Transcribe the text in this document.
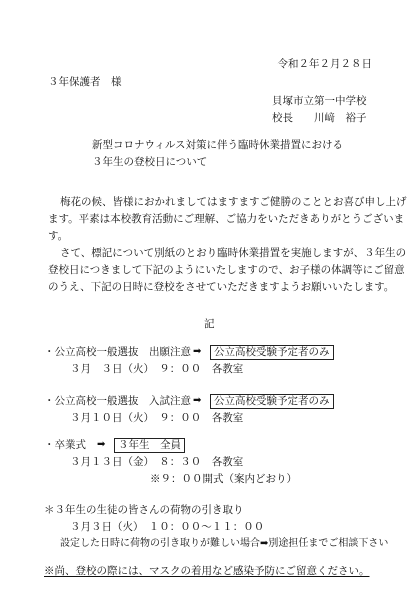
令和２年２月２８日
３年保護者　様
貝塚市立第一中学校
校長　　川﨑　裕子
新型コロナウィルス対策に伴う臨時休業措置における
３年生の登校日について
梅花の候、皆様におかれましてはますますご健勝のこととお喜び申し上げ
ます。平素は本校教育活動にご理解、ご協力をいただきありがとうございま
す。
さて、標記について別紙のとおり臨時休業措置を実施しますが、３年生の
登校日につきまして下記のようにいたしますので、お子様の体調等にご留意
のうえ、下記の日時に登校をさせていただきますようお願いいたします。
記
・公立高校一般選抜　出願注意 ➡	公立高校受験予定者のみ
３月　３日（火）　９：００　各教室
・公立高校一般選抜　入試注意 ➡	公立高校受験予定者のみ
３月１０日（火）　９：００　各教室
・卒業式 ➡	３年生　全員
３月１３日（金）　８：３０　各教室
※９：００開式（案内どおり）
＊３年生の生徒の皆さんの荷物の引き取り
３月３日（火）　１０：００～１１：００
設定した日時に荷物の引き取りが難しい場合➡別途担任までご相談下さい
※尚、登校の際には、マスクの着用など感染予防にご留意ください。
